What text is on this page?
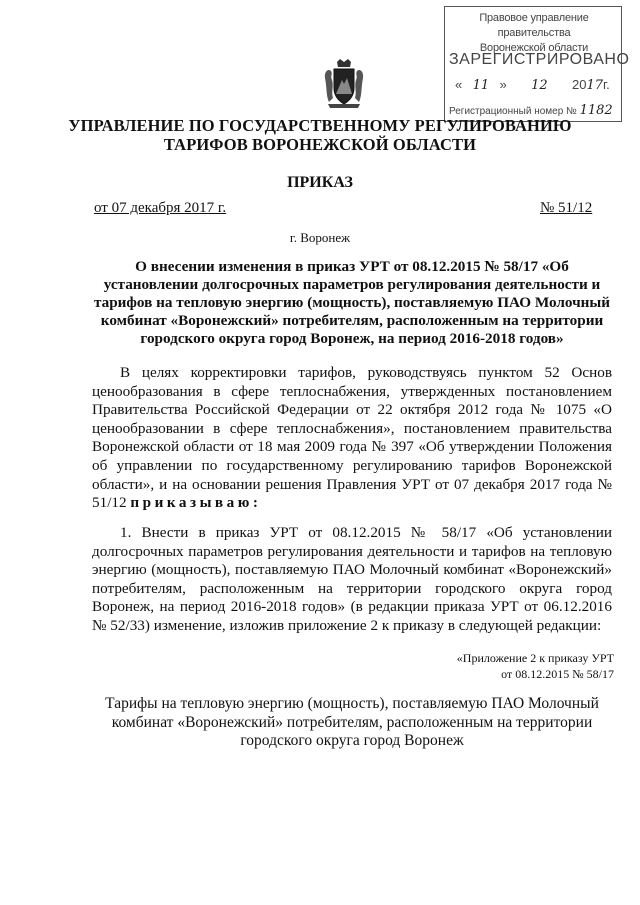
Правовое управление правительства
Воронежской области
ЗАРЕГИСТРИРОВАНО
« 11 » 12 2017г.
Регистрационный номер № 1182
УПРАВЛЕНИЕ ПО ГОСУДАРСТВЕННОМУ РЕГУЛИРОВАНИЮ
ТАРИФОВ ВОРОНЕЖСКОЙ ОБЛАСТИ
ПРИКАЗ
от 07 декабря 2017 г.	№ 51/12
г. Воронеж
О внесении изменения в приказ УРТ от 08.12.2015 № 58/17 «Об установлении долгосрочных параметров регулирования деятельности и тарифов на тепловую энергию (мощность), поставляемую ПАО Молочный комбинат «Воронежский» потребителям, расположенным на территории городского округа город Воронеж, на период 2016-2018 годов»
В целях корректировки тарифов, руководствуясь пунктом 52 Основ ценообразования в сфере теплоснабжения, утвержденных постановлением Правительства Российской Федерации от 22 октября 2012 года № 1075 «О ценообразовании в сфере теплоснабжения», постановлением правительства Воронежской области от 18 мая 2009 года № 397 «Об утверждении Положения об управлении по государственному регулированию тарифов Воронежской области», и на основании решения Правления УРТ от 07 декабря 2017 года № 51/12 приказываю:
1. Внести в приказ УРТ от 08.12.2015 № 58/17 «Об установлении долгосрочных параметров регулирования деятельности и тарифов на тепловую энергию (мощность), поставляемую ПАО Молочный комбинат «Воронежский» потребителям, расположенным на территории городского округа город Воронеж, на период 2016-2018 годов» (в редакции приказа УРТ от 06.12.2016 № 52/33) изменение, изложив приложение 2 к приказу в следующей редакции:
«Приложение 2 к приказу УРТ
от 08.12.2015 № 58/17
Тарифы на тепловую энергию (мощность), поставляемую ПАО Молочный комбинат «Воронежский» потребителям, расположенным на территории городского округа город Воронеж
